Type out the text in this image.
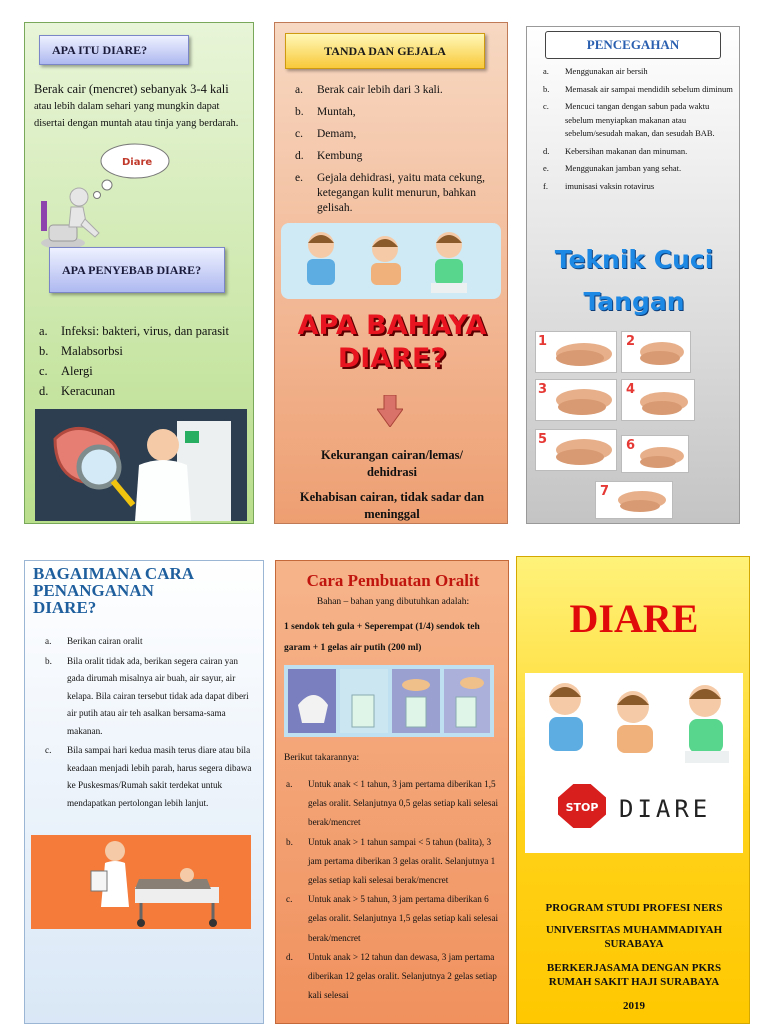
APA ITU DIARE?
Berak cair (mencret) sebanyak 3-4 kali
atau lebih dalam sehari yang mungkin dapat
disertai dengan muntah atau tinja yang berdarah.
Diare
APA PENYEBAB DIARE?
a. Infeksi: bakteri, virus, dan parasit
b. Malabsorbsi
c. Alergi
d. Keracunan
TANDA DAN GEJALA
a. Berak cair lebih dari 3 kali.
b. Muntah,
c. Demam,
d. Kembung
e. Gejala dehidrasi, yaitu mata cekung, ketegangan kulit menurun, bahkan gelisah.
APA BAHAYA
DIARE?
Kekurangan cairan/lemas/
dehidrasi
Kehabisan cairan, tidak sadar dan
meninggal
PENCEGAHAN
a. Menggunakan air bersih
b. Memasak air sampai mendidih sebelum diminum
c. Mencuci tangan dengan sabun pada waktu sebelum menyiapkan makanan atau sebelum/sesudah makan, dan sesudah BAB.
d. Kebersihan makanan dan minuman.
e. Menggunakan jamban yang sehat.
f. imunisasi vaksin rotavirus
Teknik Cuci
Tangan
1	2
3	4
5	6
7
BAGAIMANA CARA
PENANGANAN
DIARE?
a. Berikan cairan oralit
b. Bila oralit tidak ada, berikan segera cairan yan gada dirumah misalnya air buah, air sayur, air kelapa. Bila cairan tersebut tidak ada dapat diberi air putih atau air teh asalkan bersama-sama makanan.
c. Bila sampai hari kedua masih terus diare atau bila keadaan menjadi lebih parah, harus segera dibawa ke Puskesmas/Rumah sakit terdekat untuk mendapatkan pertolongan lebih lanjut.
Cara Pembuatan Oralit
Bahan – bahan yang dibutuhkan adalah:
1 sendok teh gula + Seperempat (1/4) sendok teh garam + 1 gelas air putih (200 ml)
Berikut takarannya:
a. Untuk anak < 1 tahun, 3 jam pertama diberikan 1,5 gelas oralit. Selanjutnya 0,5 gelas setiap kali selesai berak/mencret
b. Untuk anak > 1 tahun sampai < 5 tahun (balita), 3 jam pertama diberikan 3 gelas oralit. Selanjutnya 1 gelas setiap kali selesai berak/mencret
c. Untuk anak > 5 tahun, 3 jam pertama diberikan 6 gelas oralit. Selanjutnya 1,5 gelas setiap kali selesai berak/mencret
d. Untuk anak > 12 tahun dan dewasa, 3 jam pertama diberikan 12 gelas oralit. Selanjutnya 2 gelas setiap kali selesai
DIARE
STOP DIARE
PROGRAM STUDI PROFESI NERS
UNIVERSITAS MUHAMMADIYAH
SURABAYA
BERKERJASAMA DENGAN PKRS
RUMAH SAKIT HAJI SURABAYA
2019
